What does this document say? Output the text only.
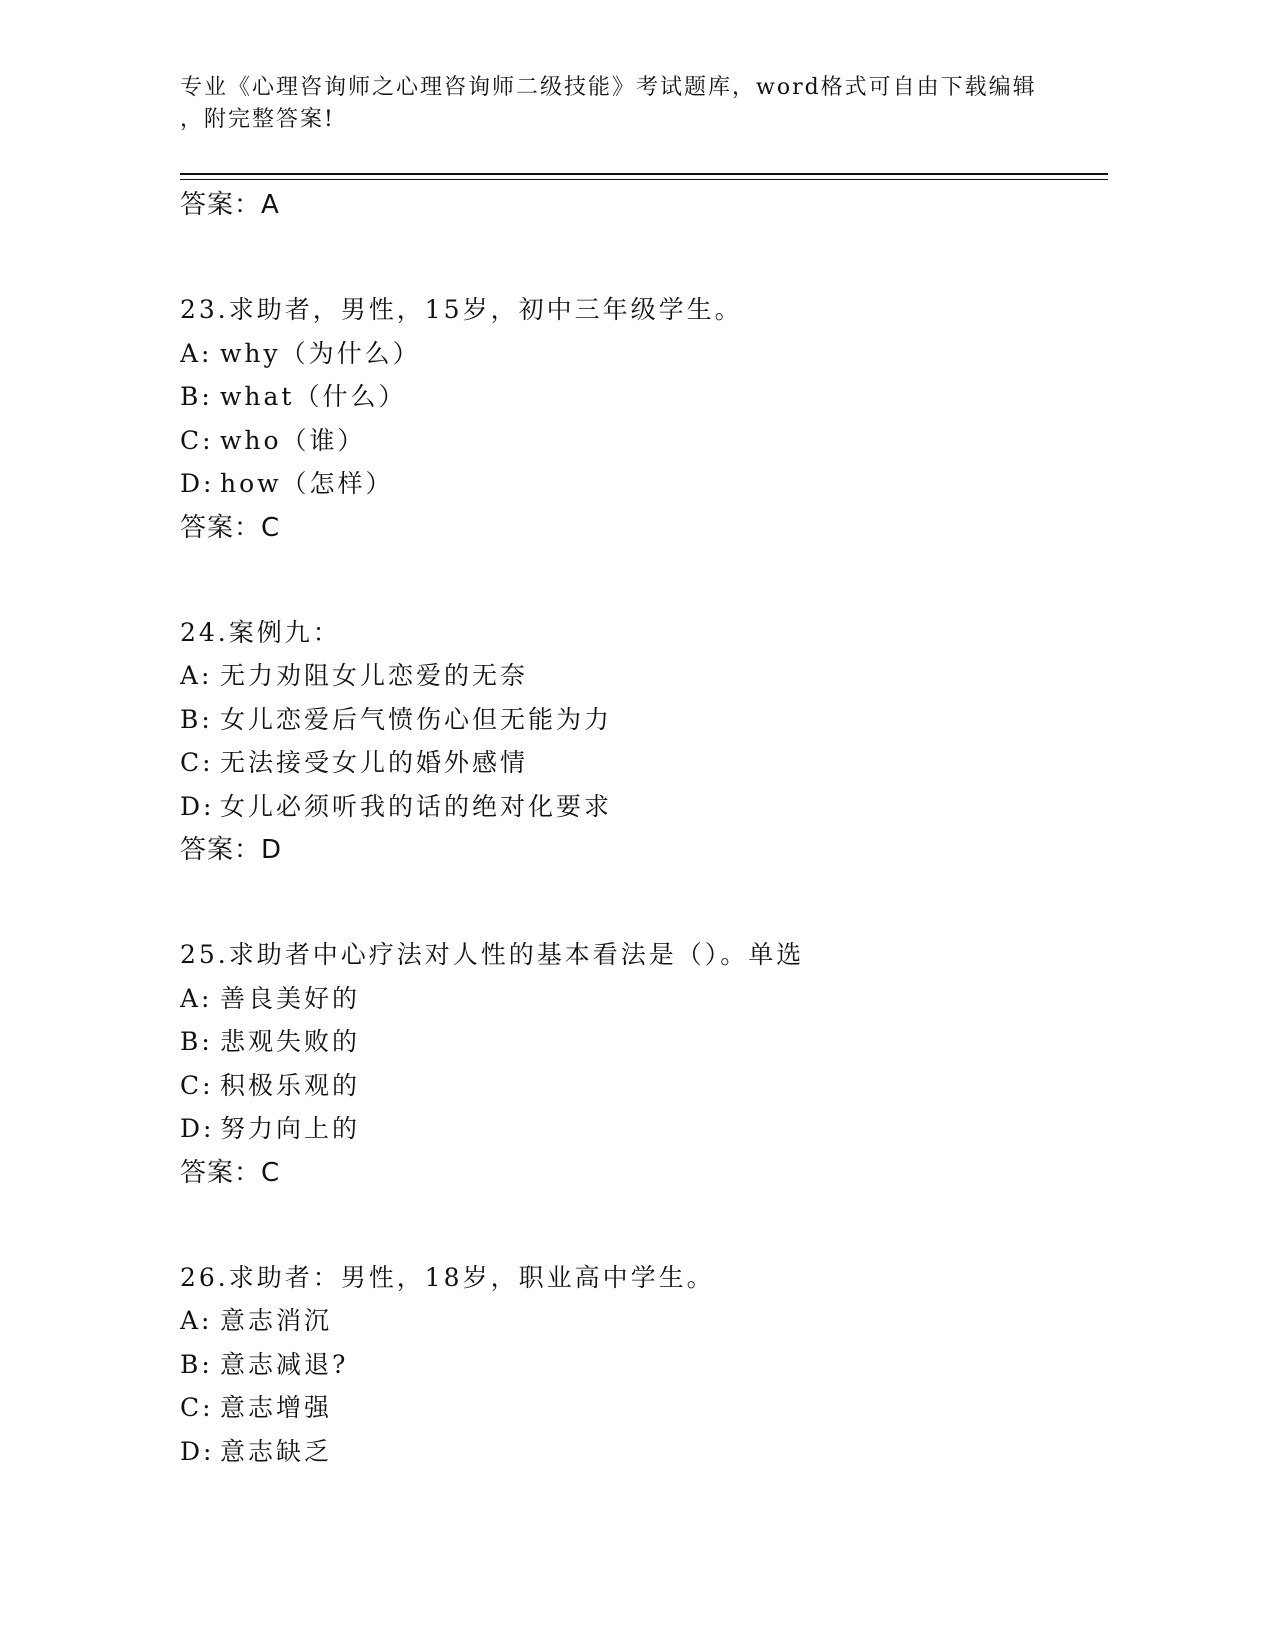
专业《心理咨询师之心理咨询师二级技能》考试题库，word格式可自由下载编辑
，附完整答案!
答案：A
23.求助者，男性，15岁，初中三年级学生。
A: why（为什么）
B: what（什么）
C: who（谁）
D: how（怎样）
答案：C
24.案例九：
A: 无力劝阻女儿恋爱的无奈
B: 女儿恋爱后气愤伤心但无能为力
C: 无法接受女儿的婚外感情
D: 女儿必须听我的话的绝对化要求
答案：D
25.求助者中心疗法对人性的基本看法是（）。单选
A: 善良美好的
B: 悲观失败的
C: 积极乐观的
D: 努力向上的
答案：C
26.求助者：男性，18岁，职业高中学生。
A: 意志消沉
B: 意志减退?
C: 意志增强
D: 意志缺乏
